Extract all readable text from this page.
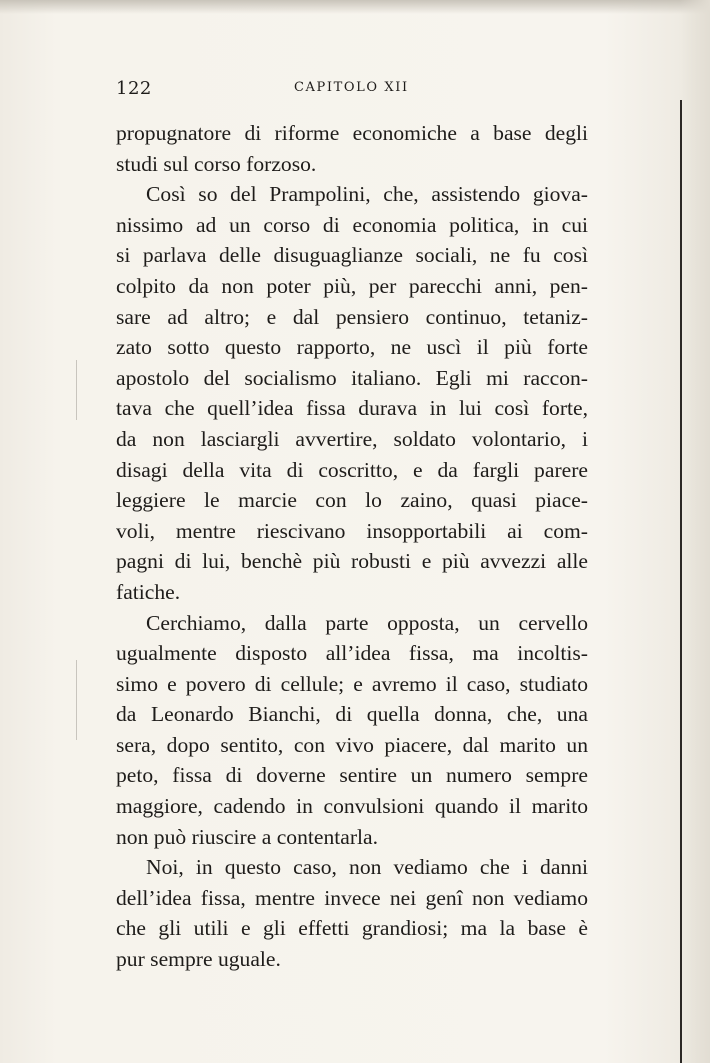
122	CAPITOLO XII
propugnatore di riforme economiche a base degli
studi sul corso forzoso.
Così so del Prampolini, che, assistendo giova-
nissimo ad un corso di economia politica, in cui
si parlava delle disuguaglianze sociali, ne fu così
colpito da non poter più, per parecchi anni, pen-
sare ad altro; e dal pensiero continuo, tetaniz-
zato sotto questo rapporto, ne uscì il più forte
apostolo del socialismo italiano. Egli mi raccon-
tava che quell’idea fissa durava in lui così forte,
da non lasciargli avvertire, soldato volontario, i
disagi della vita di coscritto, e da fargli parere
leggiere le marcie con lo zaino, quasi piace-
voli, mentre riescivano insopportabili ai com-
pagni di lui, benchè più robusti e più avvezzi alle
fatiche.
Cerchiamo, dalla parte opposta, un cervello
ugualmente disposto all’idea fissa, ma incoltis-
simo e povero di cellule; e avremo il caso, studiato
da Leonardo Bianchi, di quella donna, che, una
sera, dopo sentito, con vivo piacere, dal marito un
peto, fissa di doverne sentire un numero sempre
maggiore, cadendo in convulsioni quando il marito
non può riuscire a contentarla.
Noi, in questo caso, non vediamo che i danni
dell’idea fissa, mentre invece nei genî non vediamo
che gli utili e gli effetti grandiosi; ma la base è
pur sempre uguale.
